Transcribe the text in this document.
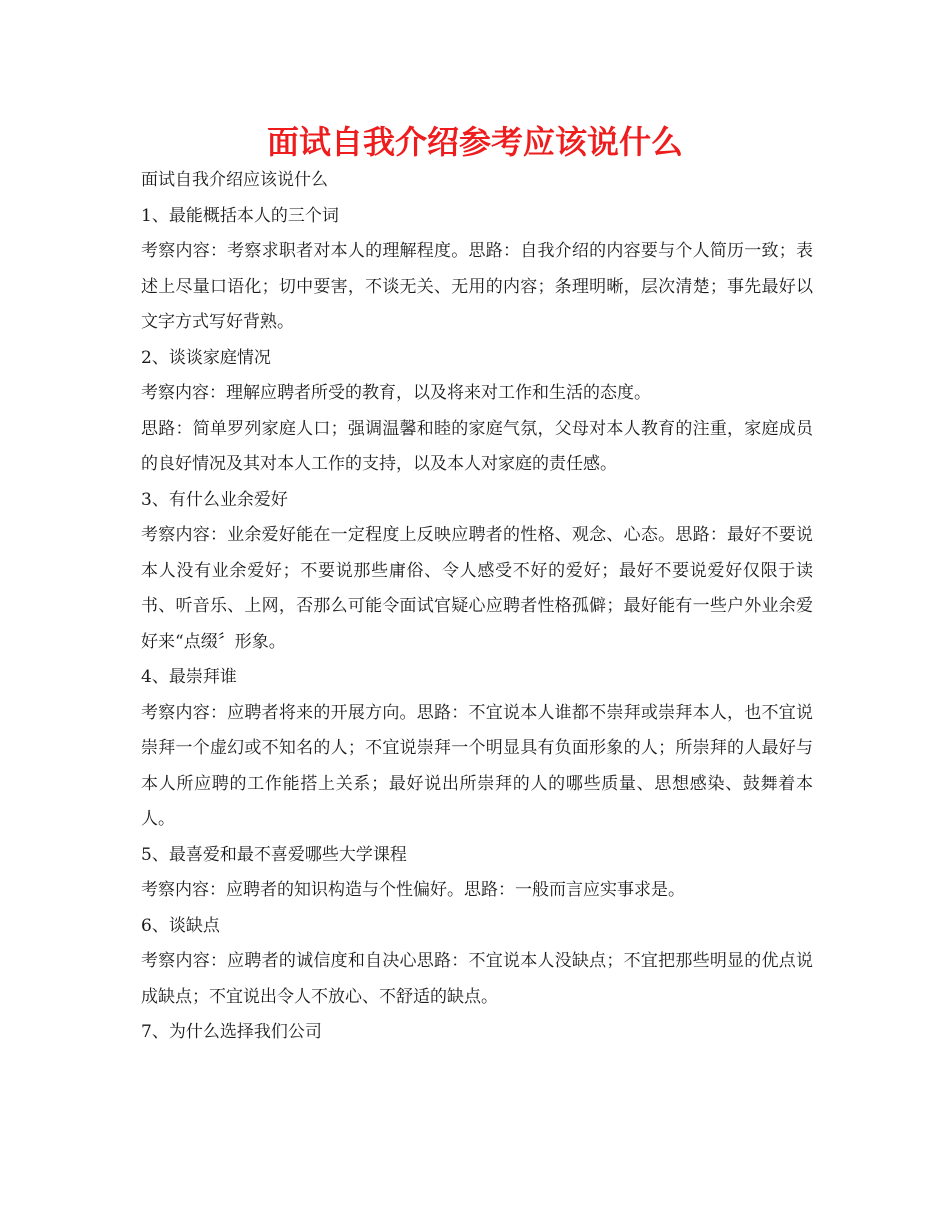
面试自我介绍参考应该说什么

面试自我介绍应该说什么

1、最能概括本人的三个词

考察内容：考察求职者对本人的理解程度。思路：自我介绍的内容要与个人简历一致；表述上尽量口语化；切中要害，不谈无关、无用的内容；条理明晰，层次清楚；事先最好以文字方式写好背熟。

2、谈谈家庭情况

考察内容：理解应聘者所受的教育，以及将来对工作和生活的态度。

思路：简单罗列家庭人口；强调温馨和睦的家庭气氛，父母对本人教育的注重，家庭成员的良好情况及其对本人工作的支持，以及本人对家庭的责任感。

3、有什么业余爱好

考察内容：业余爱好能在一定程度上反映应聘者的性格、观念、心态。思路：最好不要说本人没有业余爱好；不要说那些庸俗、令人感受不好的爱好；最好不要说爱好仅限于读书、听音乐、上网，否那么可能令面试官疑心应聘者性格孤僻；最好能有一些户外业余爱好来“点缀〞形象。

4、最崇拜谁

考察内容：应聘者将来的开展方向。思路：不宜说本人谁都不崇拜或崇拜本人，也不宜说崇拜一个虚幻或不知名的人；不宜说崇拜一个明显具有负面形象的人；所崇拜的人最好与本人所应聘的工作能搭上关系；最好说出所崇拜的人的哪些质量、思想感染、鼓舞着本人。

5、最喜爱和最不喜爱哪些大学课程

考察内容：应聘者的知识构造与个性偏好。思路：一般而言应实事求是。

6、谈缺点

考察内容：应聘者的诚信度和自决心思路：不宜说本人没缺点；不宜把那些明显的优点说成缺点；不宜说出令人不放心、不舒适的缺点。

7、为什么选择我们公司
